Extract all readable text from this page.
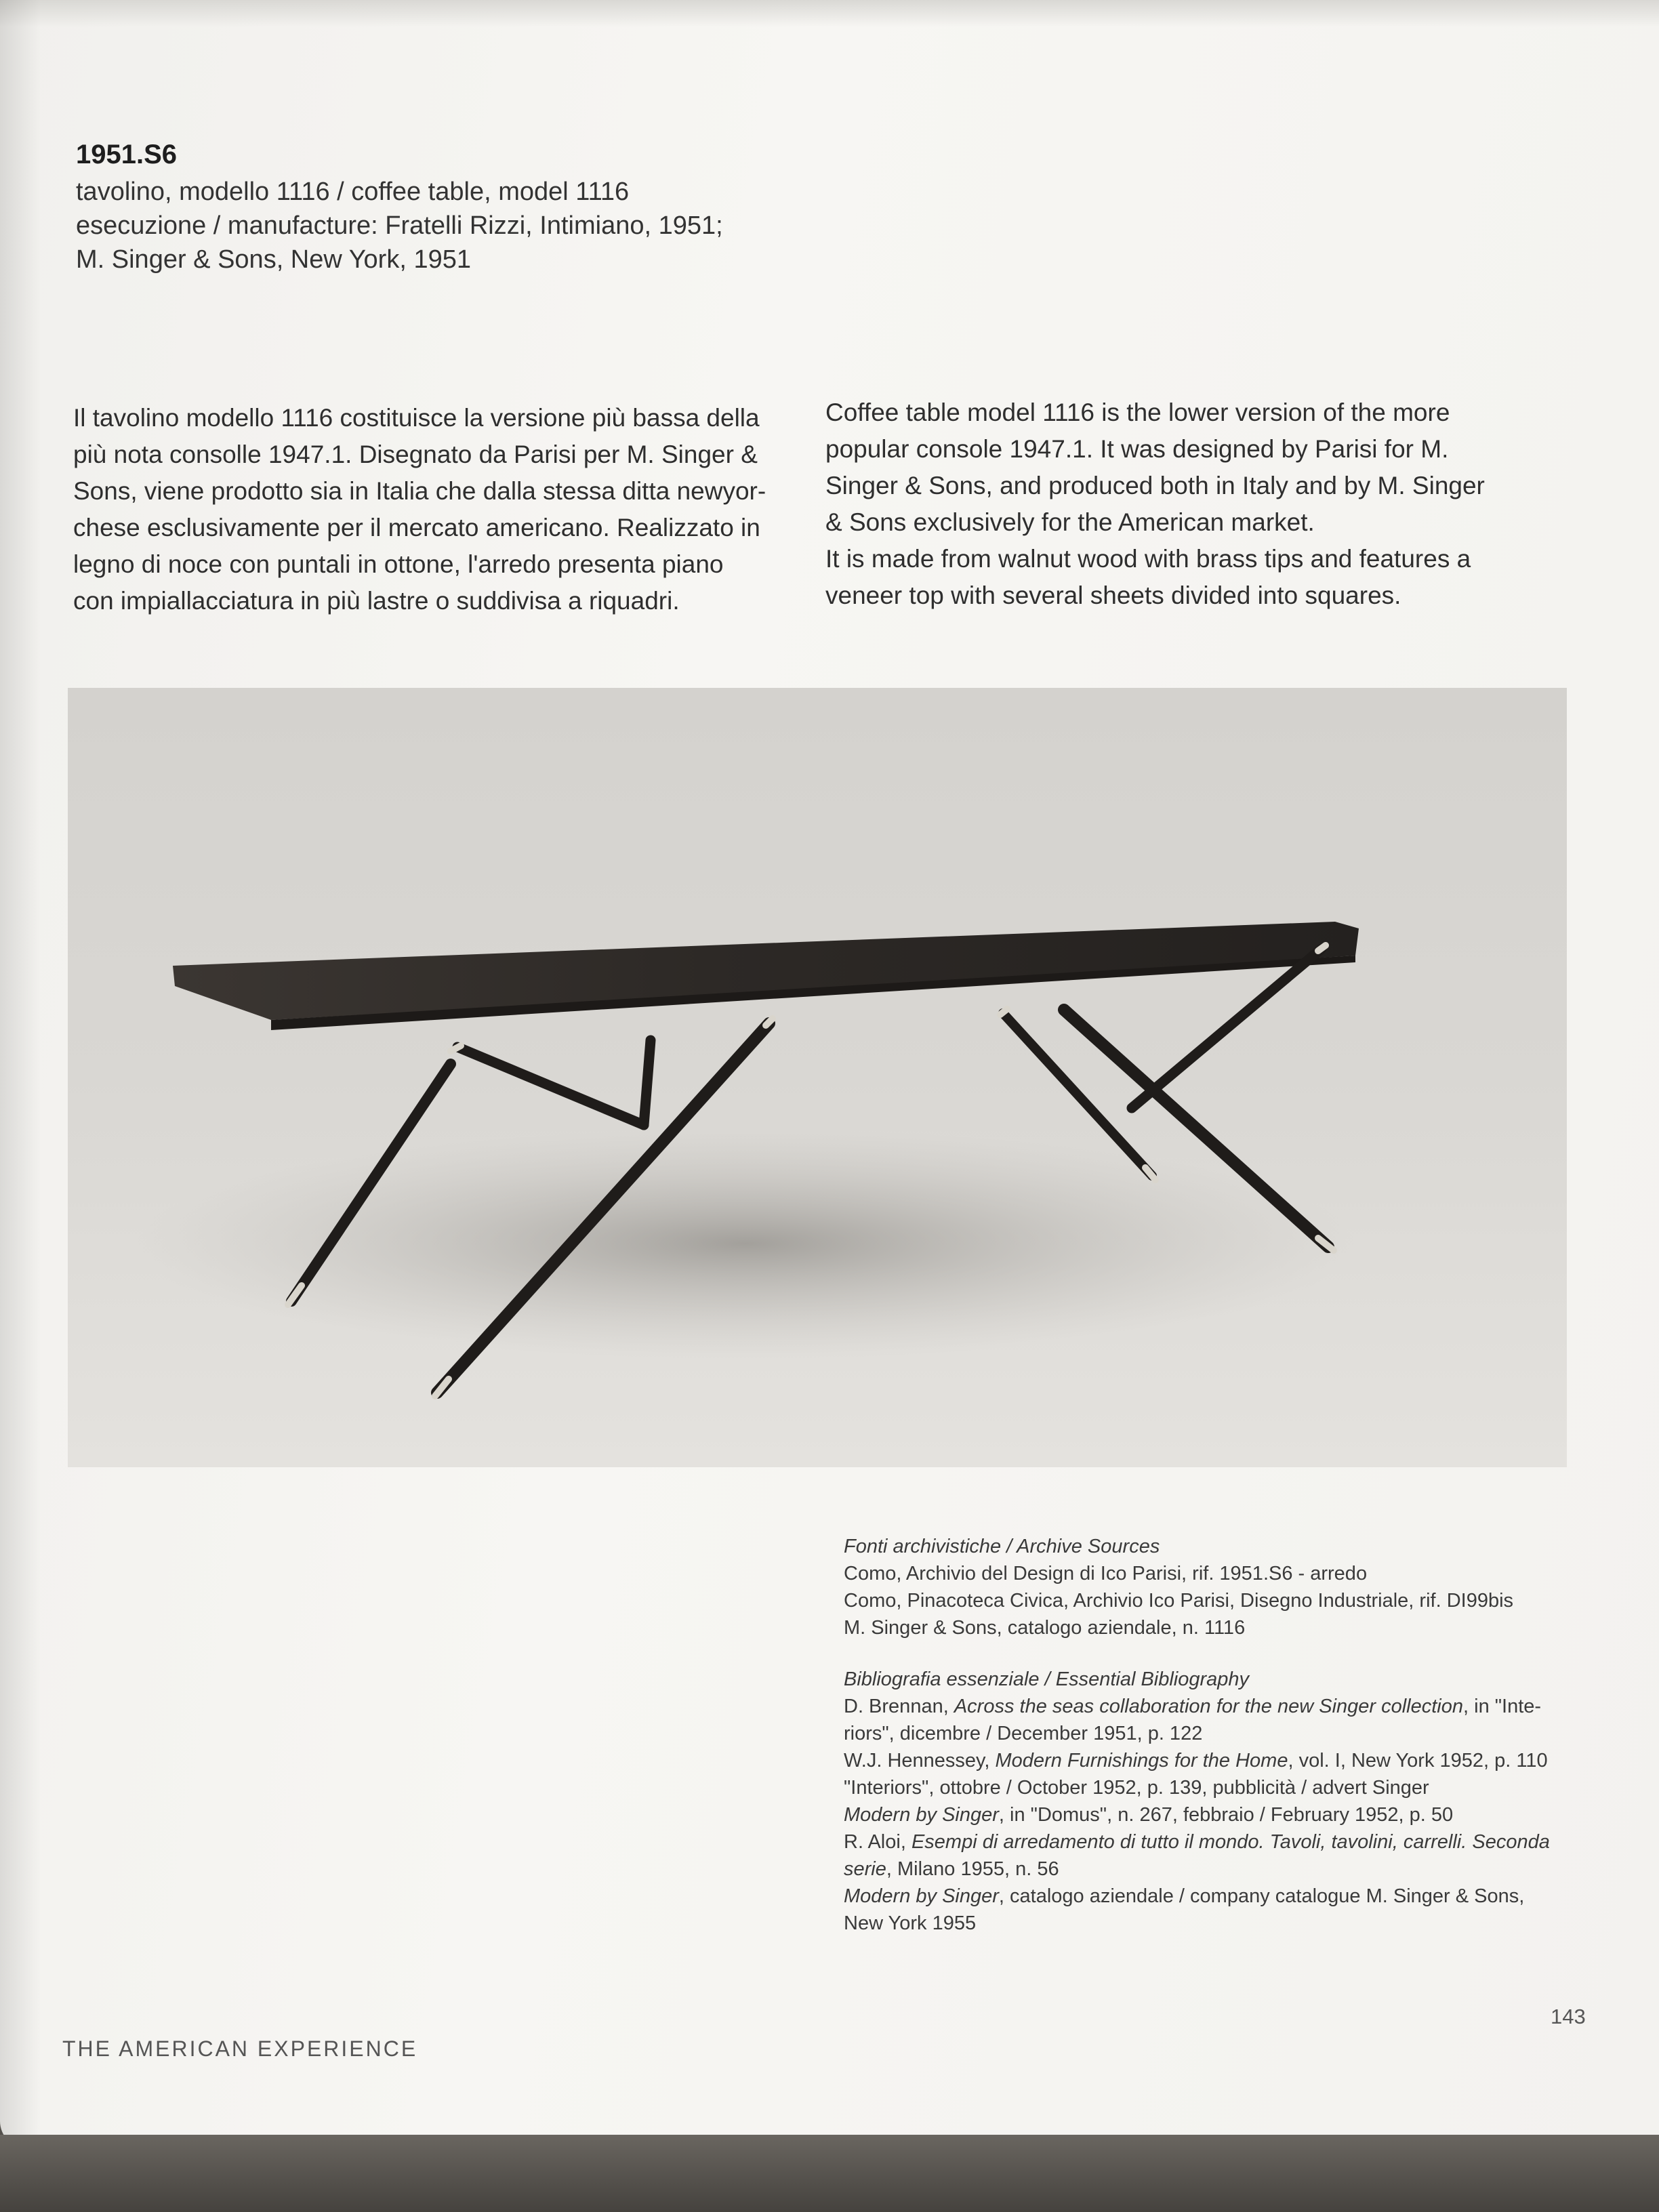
1951.S6
tavolino, modello 1116 / coffee table, model 1116
esecuzione / manufacture: Fratelli Rizzi, Intimiano, 1951;
M. Singer & Sons, New York, 1951

Il tavolino modello 1116 costituisce la versione più bassa della

più nota consolle 1947.1. Disegnato da Parisi per M. Singer &

Sons, viene prodotto sia in Italia che dalla stessa ditta newyor-

chese esclusivamente per il mercato americano. Realizzato in

legno di noce con puntali in ottone, l'arredo presenta piano

con impiallacciatura in più lastre o suddivisa a riquadri.

Coffee table model 1116 is the lower version of the more

popular console 1947.1. It was designed by Parisi for M.

Singer & Sons, and produced both in Italy and by M. Singer

& Sons exclusively for the American market.

It is made from walnut wood with brass tips and features a

veneer top with several sheets divided into squares.

Fonti archivistiche / Archive Sources

Como, Archivio del Design di Ico Parisi, rif. 1951.S6 - arredo

Como, Pinacoteca Civica, Archivio Ico Parisi, Disegno Industriale, rif. DI99bis

M. Singer & Sons, catalogo aziendale, n. 1116

Bibliografia essenziale / Essential Bibliography

D. Brennan, Across the seas collaboration for the new Singer collection, in "Inte-

riors", dicembre / December 1951, p. 122

W.J. Hennessey, Modern Furnishings for the Home, vol. I, New York 1952, p. 110

"Interiors", ottobre / October 1952, p. 139, pubblicità / advert Singer

Modern by Singer, in "Domus", n. 267, febbraio / February 1952, p. 50

R. Aloi, Esempi di arredamento di tutto il mondo. Tavoli, tavolini, carrelli. Seconda

serie, Milano 1955, n. 56

Modern by Singer, catalogo aziendale / company catalogue M. Singer & Sons,

New York 1955

143
THE AMERICAN EXPERIENCE
